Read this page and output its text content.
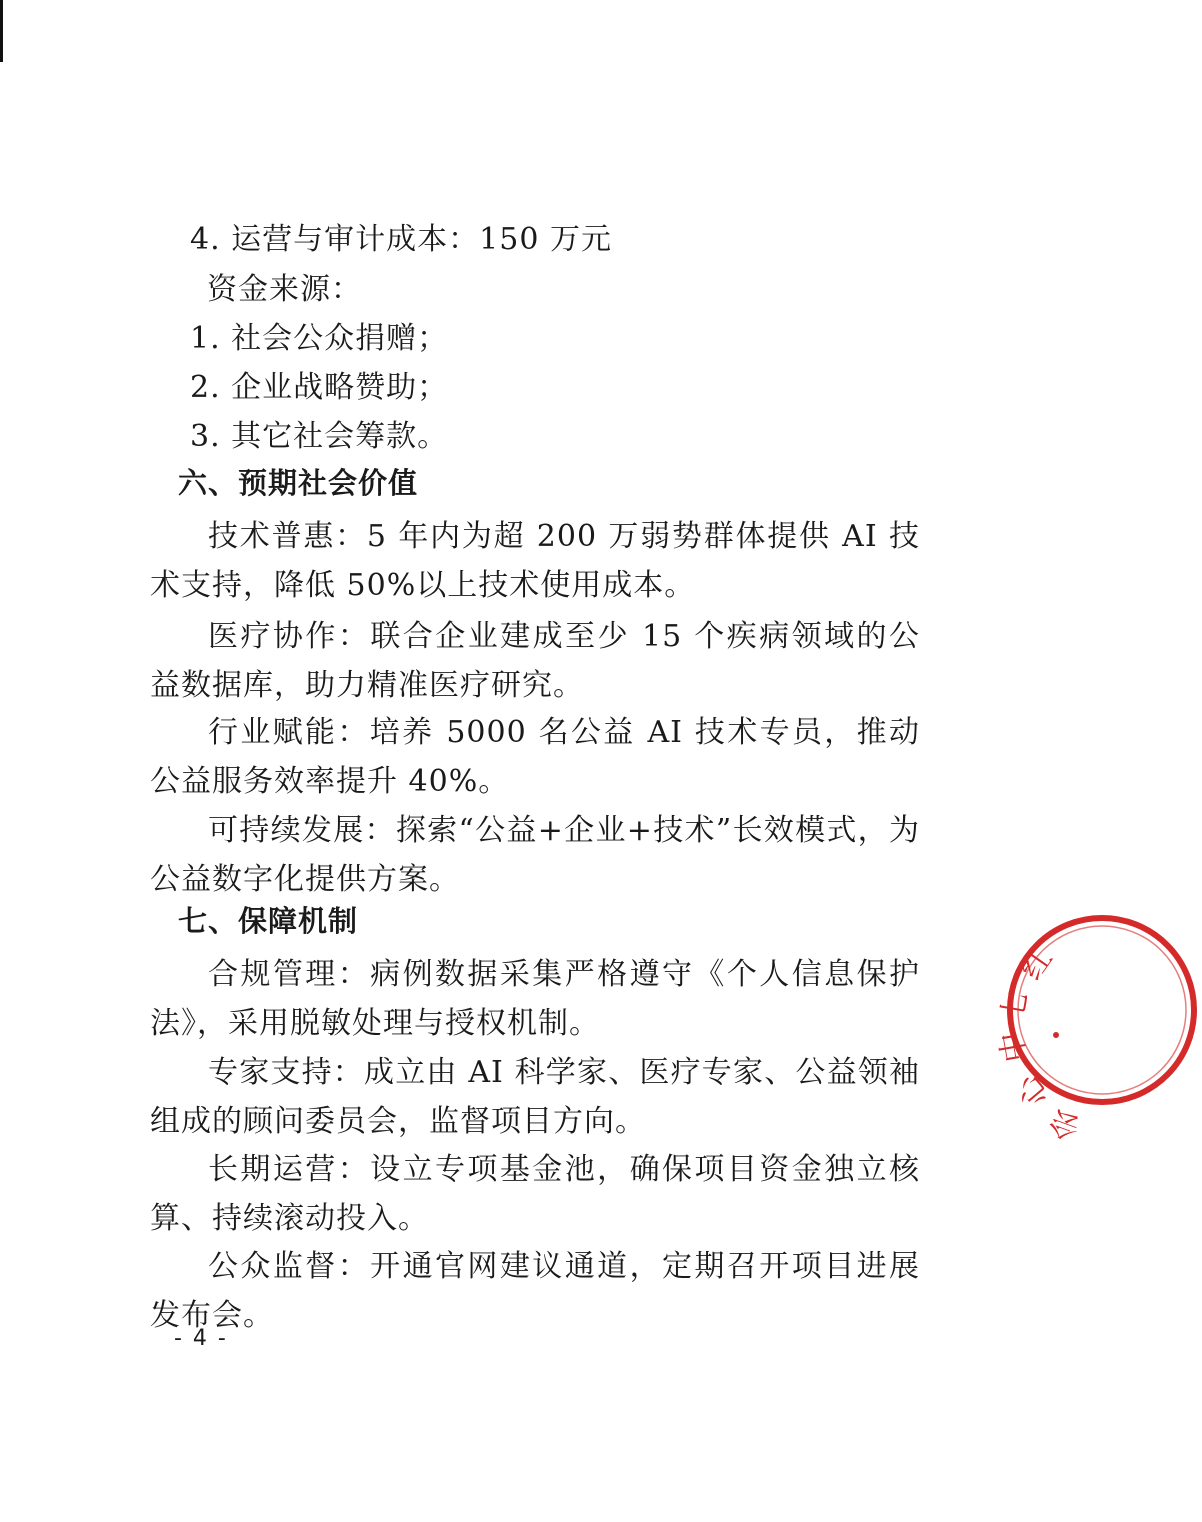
4. 运营与审计成本：150 万元
资金来源：
1. 社会公众捐赠；
2. 企业战略赞助；
3. 其它社会筹款。
六、预期社会价值
技术普惠：5 年内为超 200 万弱势群体提供 AI 技术支持，降低 50%以上技术使用成本。
医疗协作：联合企业建成至少 15 个疾病领域的公益数据库，助力精准医疗研究。
行业赋能：培养 5000 名公益 AI 技术专员，推动公益服务效率提升 40%。
可持续发展：探索“公益+企业+技术”长效模式，为公益数字化提供方案。
七、保障机制
合规管理：病例数据采集严格遵守《个人信息保护法》，采用脱敏处理与授权机制。
专家支持：成立由 AI 科学家、医疗专家、公益领袖组成的顾问委员会，监督项目方向。
长期运营：设立专项基金池，确保项目资金独立核算、持续滚动投入。
公众监督：开通官网建议通道，定期召开项目进展发布会。
- 4 -
红
七
中
心
会
